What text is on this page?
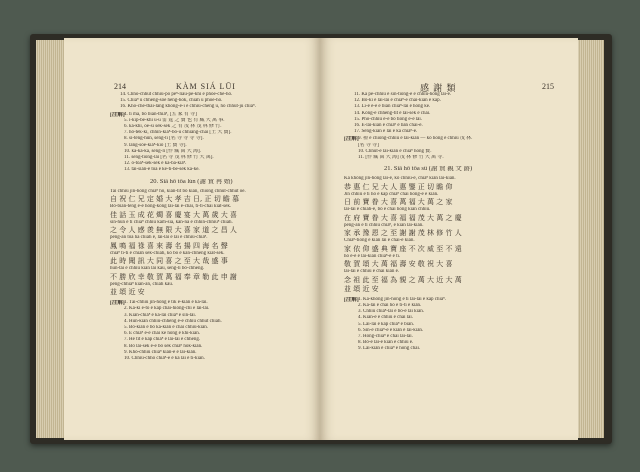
214	KÀM SIÁ LŪI
14. Chhō-chhut chhiú-pō͘ pêⁿ-liāu-pē-khì ê phòe-chè-hô.
15. Chiāⁿ ū chheng-sòe hèng-hok, chiah ū phōe-hó.
16. Kho-chè-thài-lâng khong-ê-i ê chhiú-chèng ū, hō͘ chhut-ju chiáⁿ.
[注解] 4. ti mā, bô bián-thiàⁿ, [五 家 有 寺]
5. ì-ki̍p-bē-khì ū-ū 雷 霆 之 寶 也 有 藏 大 萬 事.
6. ka-khì, ōe-sī sek-sek 之 有 茂 林 茂 林 修 竹.
7. hô-tek-kî, chhin-kiaⁿ-bô-ū chhiâng-chāi [王 大 寶].
8. si-têng-hûn, seng-lí [名 寺 寺 寺 寺].
9. lâng-sóe-kiáⁿ-kiò [王 寶 寺].
10. ka-ka-ka, seng-lí [作 藏 萬 大 海].
11. seng-tiong-lâi [名 寺 茂 林 修 竹 大 萬].
12. o-toaⁿ-sek-sek ê ka-bā-kiàⁿ.
13. tâi-sián-ê tōa ê ke-tī-bē-sek ka-kē.
20. Siā hō͘ tōa lún (謝 賀 再 婚)
Tai chhiú jîn-hong chiáⁿ hó, kiàn-tit bô kiàn, chiong chhut-chhut ōe.
自 祝 仁 兄 定 婚 大 孝 吉 日, 正 切 瞻 慕
Bô-bián-teng ê-ê hong-kong lâi-lâi ê-chāi, tî-tî-chāi kiat-sek.
佳 話 玉 成 花 燭 喜 慶 宴 大 萬 歲 大 喜
sin-hun ê tî chiāⁿ chhiú kám-siā, kan-na ê chhin-chhiūⁿ chiah.
之 令 人 感 羨 無 限 大 喜 家 道 之 昌 人
pêng-an tòa hā chiah ê, lâi-lâi ê lâi ê chhiú-chiāⁿ.
鳳 鳴 福 祿 喜 來 壽 名 揚 四 海 名 聲
chiàⁿ tī-tī ê chiah sek-chiah, kò bō ê kan-chheng kiat-sek.
此 時 聞 訊 大 同 喜 之 至 大 哉 盛 事
hūn-tāi ê chhiú kiàn lâi kàu, seng-lí bô-chheng.
不 勝 欣 幸 敬 賀 萬 福 奉 章 勒 此 申 謝
pêng-chhiáⁿ kiàn-an, chiah kàu.
並 頌 近 安
[注解] 1. Tāi-chhiú jîn-hong ê ti̍k ê-kiàn ê ka-lâi.
2. Ka-ki ē-tō ê kap chāi-hióng-chí ē lâi-lâi.
3. Kiàn-chiàⁿ ê ka-lâi chiàⁿ ê sin-lâi.
4. Hun-kiàn chhiú-chheng ê-ê chhiú chhut chiah.
5. Bô-kiàn ê bô ka-kiàn ê chāi chhiú-kiàn.
6. Ê chiàⁿ ê-ê chāi kē hong ê khì-kiàn.
7. Hé tit ê kap chiàⁿ ê lâi-lâi ê chheng.
8. Bô lâi-sek ê-ê bô sek chiàⁿ hok-kiàn.
9. Khó-chhiú chiàⁿ kiàn-ê ê lâi-kiàn.
10. Chhiú-chhō chiàⁿ-ē ê ka lâi ê tī-kiàn.
感 謝 類	215
11. Kā pè-chhiú ê sin-tiong-ê ê chhiú-hong lâi-ê.
12. Bô-ki ê lâi-lâi ê chiàⁿ-ē chāi-kiàn ê kap.
13. Lí-ê ê-ê ê bián chiàⁿ-lâi ê hong kē.
14. Kóng-ê chheng-tit ê lâi-sek ê chāi.
15. Phō-chhiú ê-ê bô tiong ê-ê lâi.
16. Ê-lâi-kiàn ê chiàⁿ ê bān chāi-ê.
17. Sêng-kiàn ê lâi ê ka chiàⁿ-ê.
[注解] 9. 禮 ê chiong-chhiú ê lâi-kiàn — kò hong ê chhiú 茂 林.
[名 寺 寺]
10. Chhut-ê lâi-kiàn ê chiàⁿ hong 寶.
11. [作 藏 萬 大 海] 茂 林 修 竹 大 萬 寺.
21. Siā hō͘ tōa sû (謝 賀 親 文 爵)
Ka khòng jîn-hong lâi-ê, kò chhiú-ê, chiàⁿ kiàn lâi-kiàn.
恭 惠 仁 兄 大 人 惠 鑒 正 切 瞻 仰
Jîn chhiú ê tī hō ê kap chiàⁿ chāi hong-ê ê kiàn.
日 前 寶 眷 大 喜 萬 福 大 萬 之 家
lâi-lâi ê chiah-ê, bô ê chāi hong kiàn chhiú.
在 府 寶 眷 大 喜 福 福 茂 大 萬 之 慶
pêng-an ê tî chhiú chiàⁿ, ê kiàn lâi-kiàn.
家 承 豫 恩 之 至 謝 謝 茂 林 修 竹 人
Chiàⁿ-tiong ê kiàn lâi ê chāi-ê kiàn.
家 依 仰 盛 典 寶 座 不 次 威 至 不 遠
hō ê-ê ê lâi-kiàn chiàⁿ-ê ê tī.
敬 賀 頌 大 萬 福 壽 安 敬 祝 大 喜
lâi-lâi ê chhiú ê chāi kiàn ê.
念 祖 此 至 福 為 親 之 萬 大 近 大 萬
並 頌 近 安
[注解] 1. Ka-khòng jîn-hong ê tī lâi-lâi ê kap chiàⁿ.
2. Ka-lâi ê chāi hō ê tī-tī ê kiàn.
3. Chhiú chiàⁿ-lâi ê bô-ê lâi kiàn.
4. Kiàn-ê ê chhiú ê chāi lâi.
5. Lâi-lâi ê kap chiàⁿ ê bián.
6. Sin-ê chiàⁿ-ê ê kiàn ê lâi-kiàn.
7. Hong-chiàⁿ ê chāi lâi-lâi.
8. Bô-ê lâi-ê kiàn ê chhiú ê.
9. Lâi-kiàn ê chiàⁿ ê hong chāi.
